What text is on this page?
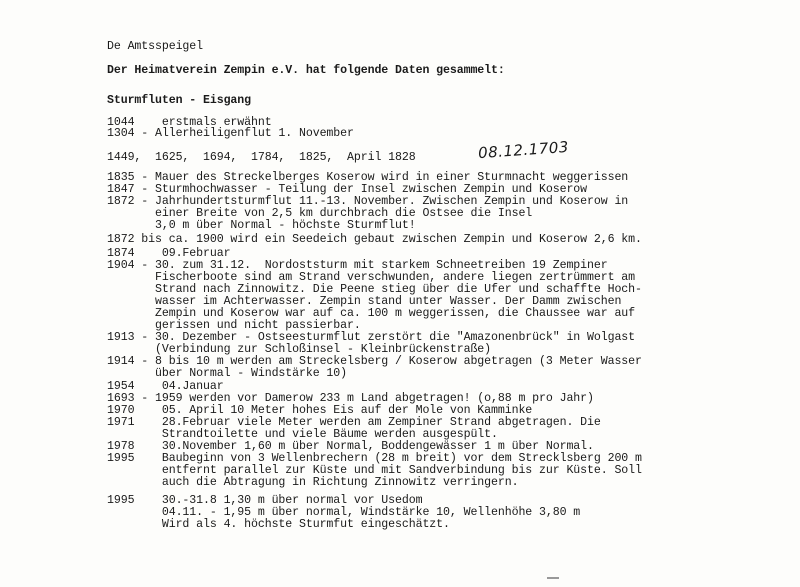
De Amtsspeigel
Der Heimatverein Zempin e.V. hat folgende Daten gesammelt:
Sturmfluten - Eisgang
1044    erstmals erwähnt
1304 - Allerheiligenflut 1. November
1449,  1625,  1694,  1784,  1825,  April 1828	08.12.1703
1835 - Mauer des Streckelberges Koserow wird in einer Sturmnacht weggerissen
1847 - Sturmhochwasser - Teilung der Insel zwischen Zempin und Koserow
1872 - Jahrhundertsturmflut 11.-13. November. Zwischen Zempin und Koserow in
einer Breite von 2,5 km durchbrach die Ostsee die Insel
3,0 m über Normal - höchste Sturmflut!
1872 bis ca. 1900 wird ein Seedeich gebaut zwischen Zempin und Koserow 2,6 km.
1874    09.Februar
1904 - 30. zum 31.12.  Nordoststurm mit starkem Schneetreiben 19 Zempiner
Fischerboote sind am Strand verschwunden, andere liegen zertrümmert am
Strand nach Zinnowitz. Die Peene stieg über die Ufer und schaffte Hoch-
wasser im Achterwasser. Zempin stand unter Wasser. Der Damm zwischen
Zempin und Koserow war auf ca. 100 m weggerissen, die Chaussee war auf
gerissen und nicht passierbar.
1913 - 30. Dezember - Ostseesturmflut zerstört die "Amazonenbrück" in Wolgast
(Verbindung zur Schloßinsel - Kleinbrückenstraße)
1914 - 8 bis 10 m werden am Streckelsberg / Koserow abgetragen (3 Meter Wasser
über Normal - Windstärke 10)
1954    04.Januar
1693 - 1959 werden vor Damerow 233 m Land abgetragen! (o,88 m pro Jahr)
1970    05. April 10 Meter hohes Eis auf der Mole von Kamminke
1971    28.Februar viele Meter werden am Zempiner Strand abgetragen. Die
Strandtoilette und viele Bäume werden ausgespült.
1978    30.November 1,60 m über Normal, Boddengewässer 1 m über Normal.
1995    Baubeginn von 3 Wellenbrechern (28 m breit) vor dem Strecklsberg 200 m
entfernt parallel zur Küste und mit Sandverbindung bis zur Küste. Soll
auch die Abtragung in Richtung Zinnowitz verringern.
1995    30.-31.8 1,30 m über normal vor Usedom
04.11. - 1,95 m über normal, Windstärke 10, Wellenhöhe 3,80 m
Wird als 4. höchste Sturmfut eingeschätzt.
